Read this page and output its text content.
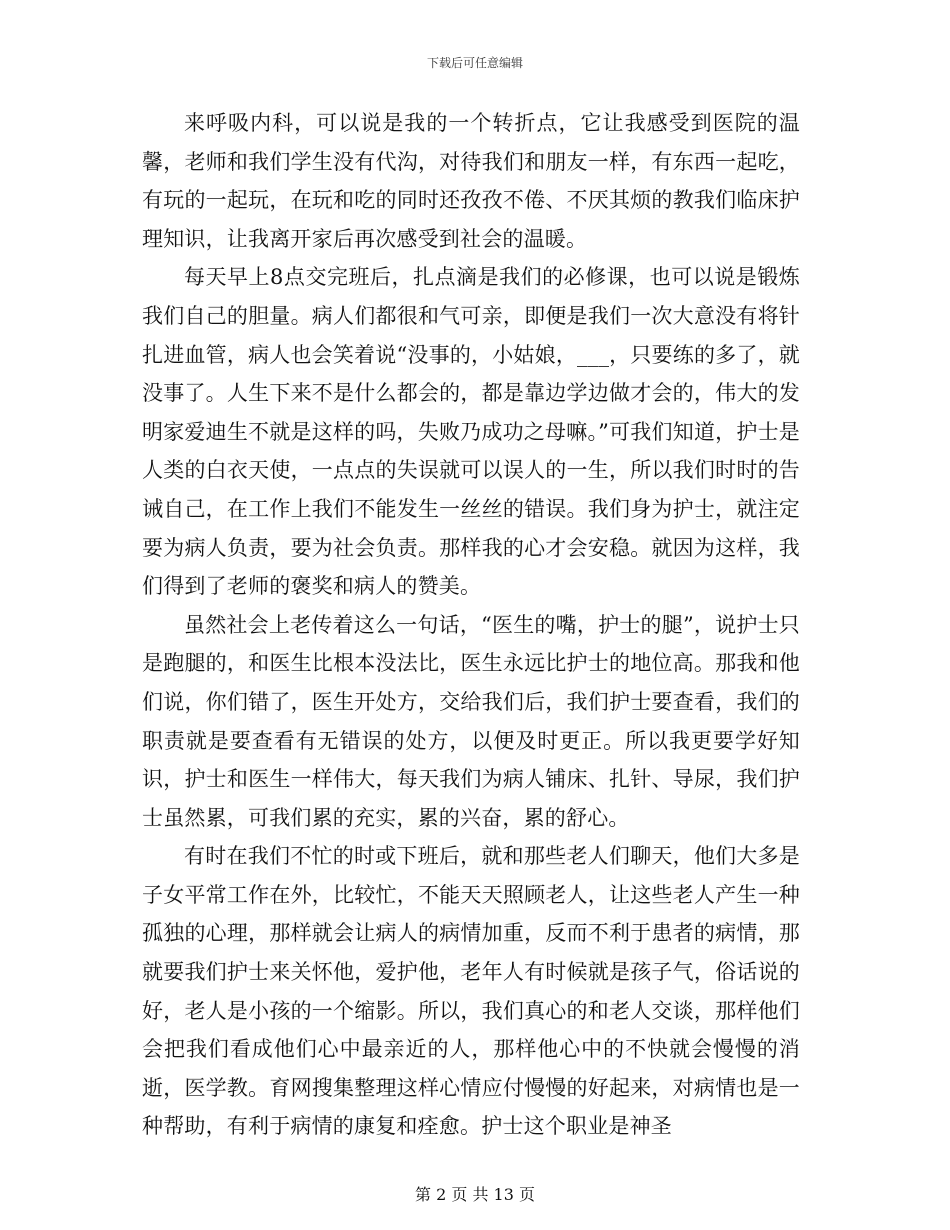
下载后可任意编辑

来呼吸内科，可以说是我的一个转折点，它让我感受到医院的温馨，老师和我们学生没有代沟，对待我们和朋友一样，有东西一起吃，有玩的一起玩，在玩和吃的同时还孜孜不倦、不厌其烦的教我们临床护理知识，让我离开家后再次感受到社会的温暖。

每天早上8点交完班后，扎点滴是我们的必修课，也可以说是锻炼我们自己的胆量。病人们都很和气可亲，即便是我们一次大意没有将针扎进血管，病人也会笑着说“没事的，小姑娘，___，只要练的多了，就没事了。人生下来不是什么都会的，都是靠边学边做才会的，伟大的发明家爱迪生不就是这样的吗，失败乃成功之母嘛。”可我们知道，护士是人类的白衣天使，一点点的失误就可以误人的一生，所以我们时时的告诫自己，在工作上我们不能发生一丝丝的错误。我们身为护士，就注定要为病人负责，要为社会负责。那样我的心才会安稳。就因为这样，我们得到了老师的褒奖和病人的赞美。

虽然社会上老传着这么一句话，“医生的嘴，护士的腿”，说护士只是跑腿的，和医生比根本没法比，医生永远比护士的地位高。那我和他们说，你们错了，医生开处方，交给我们后，我们护士要查看，我们的职责就是要查看有无错误的处方，以便及时更正。所以我更要学好知识，护士和医生一样伟大，每天我们为病人铺床、扎针、导尿，我们护士虽然累，可我们累的充实，累的兴奋，累的舒心。

有时在我们不忙的时或下班后，就和那些老人们聊天，他们大多是子女平常工作在外，比较忙，不能天天照顾老人，让这些老人产生一种孤独的心理，那样就会让病人的病情加重，反而不利于患者的病情，那就要我们护士来关怀他，爱护他，老年人有时候就是孩子气，俗话说的好，老人是小孩的一个缩影。所以，我们真心的和老人交谈，那样他们会把我们看成他们心中最亲近的人，那样他心中的不快就会慢慢的消逝，医学教。育网搜集整理这样心情应付慢慢的好起来，对病情也是一种帮助，有利于病情的康复和痊愈。护士这个职业是神圣

第 2 页 共 13 页
